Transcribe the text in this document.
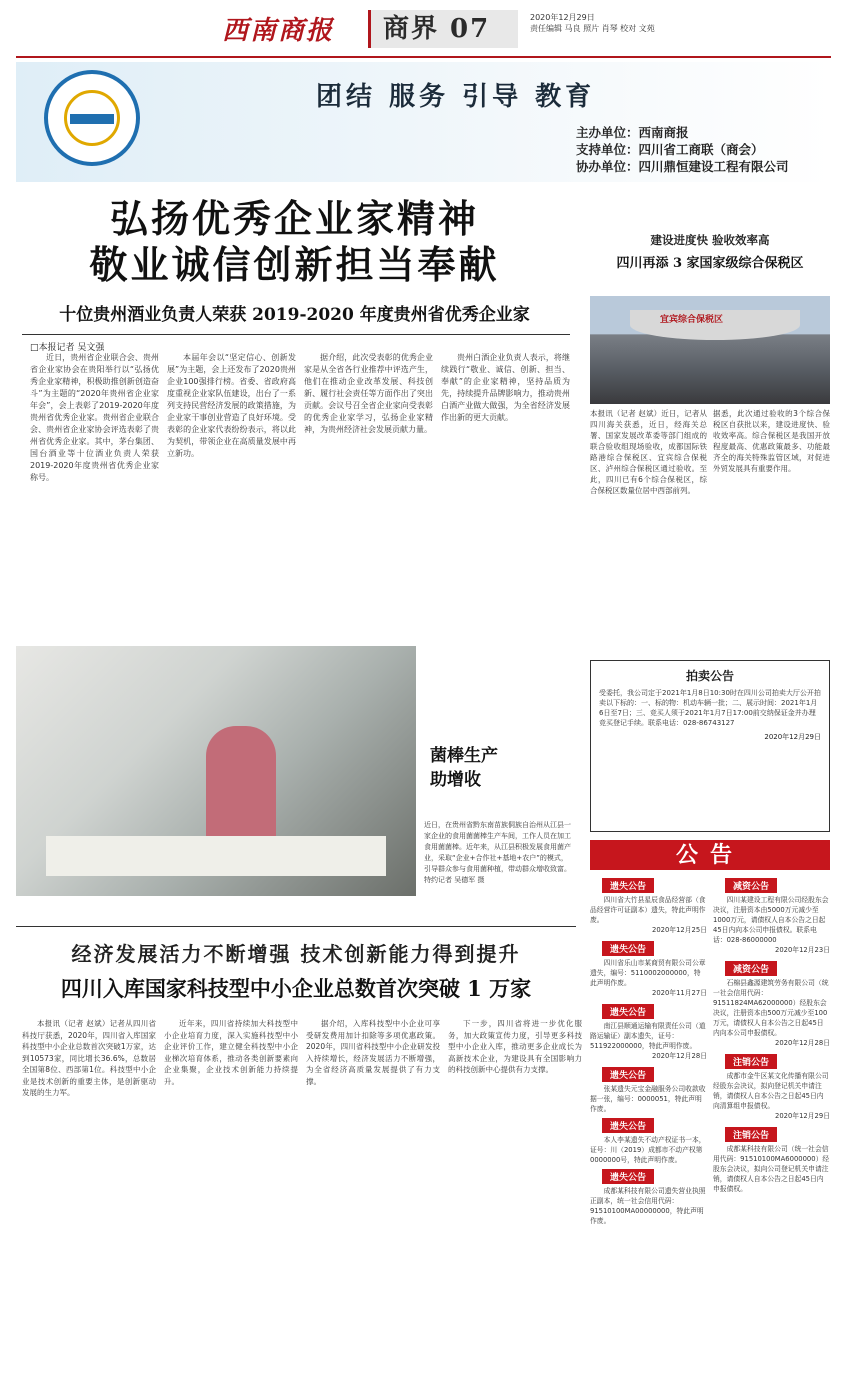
西南商报	商界 07	2020年12月29日
责任编辑 马良 照片 肖琴 校对 文苑
团结 服务 引导 教育
主办单位：西南商报
支持单位：四川省工商联（商会）
协办单位：四川鼎恒建设工程有限公司
弘扬优秀企业家精神
敬业诚信创新担当奉献
十位贵州酒业负责人荣获 2019-2020 年度贵州省优秀企业家
□本报记者 吴文强
近日，贵州省企业联合会、贵州省企业家协会在贵阳举行以“弘扬优秀企业家精神，积极助推创新创造奋斗”为主题的“2020年贵州省企业家年会”，会上表彰了2019-2020年度贵州省优秀企业家。贵州省企业联合会、贵州省企业家协会评选表彰了贵州省优秀企业家。其中，茅台集团、国台酒业等十位酒业负责人荣获2019-2020年度贵州省优秀企业家称号。
本届年会以“坚定信心、创新发展”为主题，会上还发布了2020贵州企业100强排行榜。省委、省政府高度重视企业家队伍建设，出台了一系列支持民营经济发展的政策措施，为企业家干事创业营造了良好环境。受表彰的企业家代表纷纷表示，将以此为契机，带领企业在高质量发展中再立新功。
据介绍，此次受表彰的优秀企业家是从全省各行业推荐中评选产生，他们在推动企业改革发展、科技创新、履行社会责任等方面作出了突出贡献。会议号召全省企业家向受表彰的优秀企业家学习，弘扬企业家精神，为贵州经济社会发展贡献力量。
贵州白酒企业负责人表示，将继续践行“敬业、诚信、创新、担当、奉献”的企业家精神，坚持品质为先，持续提升品牌影响力，推动贵州白酒产业做大做强，为全省经济发展作出新的更大贡献。
建设进度快 验收效率高
四川再添 3 家国家级综合保税区
宜宾综合保税区
本报讯（记者 赵斌）近日，记者从四川海关获悉，近日，经海关总署、国家发展改革委等部门组成的联合验收组现场验收，成都国际铁路港综合保税区、宜宾综合保税区、泸州综合保税区通过验收。至此，四川已有6个综合保税区，综合保税区数量位居中西部前列。
据悉，此次通过验收的3个综合保税区自获批以来，建设进度快、验收效率高。综合保税区是我国开放程度最高、优惠政策最多、功能最齐全的海关特殊监管区域，对促进外贸发展具有重要作用。
拍卖公告
受委托，我公司定于2021年1月8日10:30时在四川公司拍卖大厅公开拍卖以下标的：一、标的物：机动车辆一批；二、展示时间：2021年1月6日至7日；三、竞买人须于2021年1月7日17:00前交纳保证金并办理竞买登记手续。联系电话：028-86743127
2020年12月29日
菌棒生产
助增收
近日，在贵州省黔东南苗族侗族自治州从江县一家企业的食用菌菌棒生产车间，工作人员在加工食用菌菌棒。近年来，从江县积极发展食用菌产业，采取“企业+合作社+基地+农户”的模式，引导群众参与食用菌种植，带动群众增收致富。特约记者 吴德军 摄
公告
遗失公告
四川省大竹县星辰食品经营部（食品经营许可证副本）遗失，特此声明作废。
2020年12月25日
遗失公告
四川省乐山市某商贸有限公司公章遗失，编号：5110002000000，特此声明作废。
2020年11月27日
遗失公告
南江县顺通运输有限责任公司（道路运输证）副本遗失，证号：511922000000，特此声明作废。
2020年12月28日
遗失公告
张某遗失元宝金融服务公司收款收据一张，编号：0000051，特此声明作废。
遗失公告
本人李某遗失不动产权证书一本，证号：川（2019）成都市不动产权第0000000号，特此声明作废。
遗失公告
成都某科技有限公司遗失营业执照正副本，统一社会信用代码：91510100MA00000000，特此声明作废。
减资公告
四川某建设工程有限公司经股东会决议，注册资本由5000万元减少至1000万元，请债权人自本公告之日起45日内向本公司申报债权。联系电话：028-86000000
2020年12月23日
减资公告
石棉县鑫源建筑劳务有限公司（统一社会信用代码：91511824MA62000000）经股东会决议，注册资本由500万元减少至100万元，请债权人自本公告之日起45日内向本公司申报债权。
2020年12月28日
注销公告
成都市金牛区某文化传播有限公司经股东会决议，拟向登记机关申请注销，请债权人自本公告之日起45日内向清算组申报债权。
2020年12月29日
注销公告
成都某科技有限公司（统一社会信用代码：91510100MA6000000）经股东会决议，拟向公司登记机关申请注销，请债权人自本公告之日起45日内申报债权。
经济发展活力不断增强 技术创新能力得到提升
四川入库国家科技型中小企业总数首次突破 1 万家
本报讯（记者 赵斌）记者从四川省科技厅获悉，2020年，四川省入库国家科技型中小企业总数首次突破1万家，达到10573家，同比增长36.6%，总数居全国第8位、西部第1位。科技型中小企业是技术创新的重要主体，是创新驱动发展的生力军。
近年来，四川省持续加大科技型中小企业培育力度，深入实施科技型中小企业评价工作，建立健全科技型中小企业梯次培育体系，推动各类创新要素向企业集聚，企业技术创新能力持续提升。
据介绍，入库科技型中小企业可享受研发费用加计扣除等多项优惠政策。2020年，四川省科技型中小企业研发投入持续增长，经济发展活力不断增强，为全省经济高质量发展提供了有力支撑。
下一步，四川省将进一步优化服务，加大政策宣传力度，引导更多科技型中小企业入库，推动更多企业成长为高新技术企业，为建设具有全国影响力的科技创新中心提供有力支撑。
